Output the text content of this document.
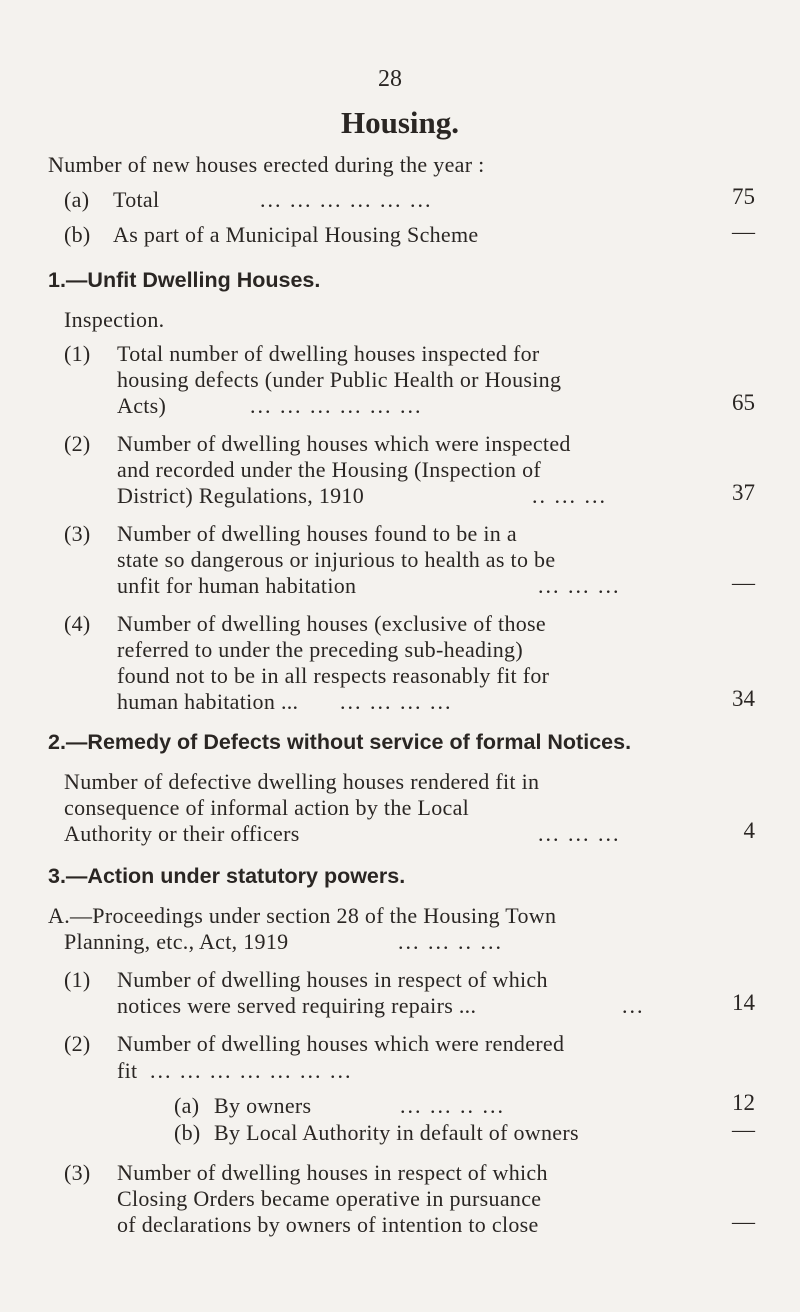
28
Housing.
Number of new houses erected during the year :
(a) Total	... ... ... ... ... ...	75
(b) As part of a Municipal Housing Scheme	—
1.—Unfit Dwelling Houses.
Inspection.
(1) Total number of dwelling houses inspected for
housing defects (under Public Health or Housing
Acts)	... ... ... ... ... ...	65
(2) Number of dwelling houses which were inspected
and recorded under the Housing (Inspection of
District) Regulations, 1910	.. ... ...	37
(3) Number of dwelling houses found to be in a
state so dangerous or injurious to health as to be
unfit for human habitation	... ... ...	—
(4) Number of dwelling houses (exclusive of those
referred to under the preceding sub-heading)
found not to be in all respects reasonably fit for
human habitation ... ... ... ... ...	34
2.—Remedy of Defects without service of formal Notices.
Number of defective dwelling houses rendered fit in
consequence of informal action by the Local
Authority or their officers	... ... ...	4
3.—Action under statutory powers.
A.—Proceedings under section 28 of the Housing Town
Planning, etc., Act, 1919	... ... .. ...
(1) Number of dwelling houses in respect of which
notices were served requiring repairs ...	...	14
(2) Number of dwelling houses which were rendered
fit ... ... ... ... ... ... ...
(a) By owners	... ... .. ...	12
(b) By Local Authority in default of owners	—
(3) Number of dwelling houses in respect of which
Closing Orders became operative in pursuance
of declarations by owners of intention to close	—
